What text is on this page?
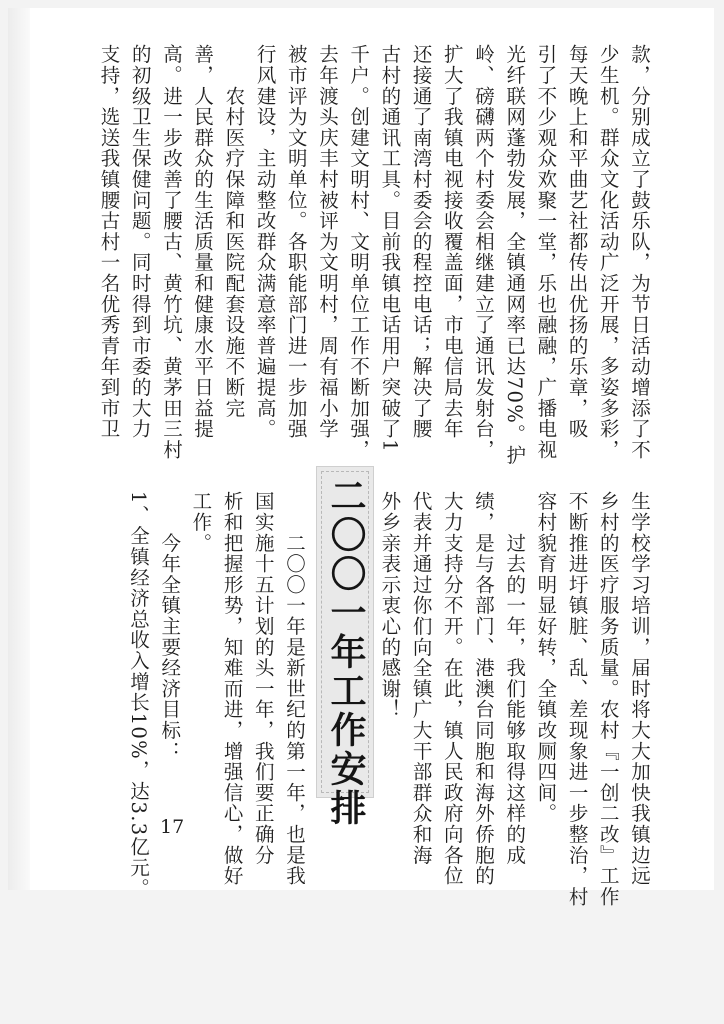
款，分别成立了鼓乐队，为节日活动增添了不
少生机。群众文化活动广泛开展，多姿多彩，
每天晚上和平曲艺社都传出优扬的乐章，吸
引了不少观众欢聚一堂，乐也融融，广播电视
光纤联网蓬勃发展，全镇通网率已达70%。护
岭、磅礴两个村委会相继建立了通讯发射台，
扩大了我镇电视接收覆盖面，市电信局去年
还接通了南湾村委会的程控电话；解决了腰
古村的通讯工具。目前我镇电话用户突破了1
千户。创建文明村、文明单位工作不断加强，
去年渡头庆丰村被评为文明村，周有福小学
被市评为文明单位。各职能部门进一步加强
行风建设，主动整改群众满意率普遍提高。
　　农村医疗保障和医院配套设施不断完
善，人民群众的生活质量和健康水平日益提
高。进一步改善了腰古、黄竹坑、黄茅田三村
的初级卫生保健问题。同时得到市委的大力
支持，选送我镇腰古村一名优秀青年到市卫
生学校学习培训，届时将大大加快我镇边远
乡村的医疗服务质量。农村『一创二改』工作
不断推进圩镇脏、乱、差现象进一步整治，村
容村貌育明显好转，全镇改厕四间。
　　过去的一年，我们能够取得这样的成
绩，是与各部门、港澳台同胞和海外侨胞的
大力支持分不开。在此，镇人民政府向各位
代表并通过你们向全镇广大干部群众和海
外乡亲表示衷心的感谢！
二〇〇一年工作安排
　　二〇〇一年是新世纪的第一年，也是我
国实施十五计划的头一年，我们要正确分
析和把握形势，知难而进，增强信心，做好
工作。
　　今年全镇主要经济目标：
1、全镇经济总收入增长10%，达3.3亿元。 17
